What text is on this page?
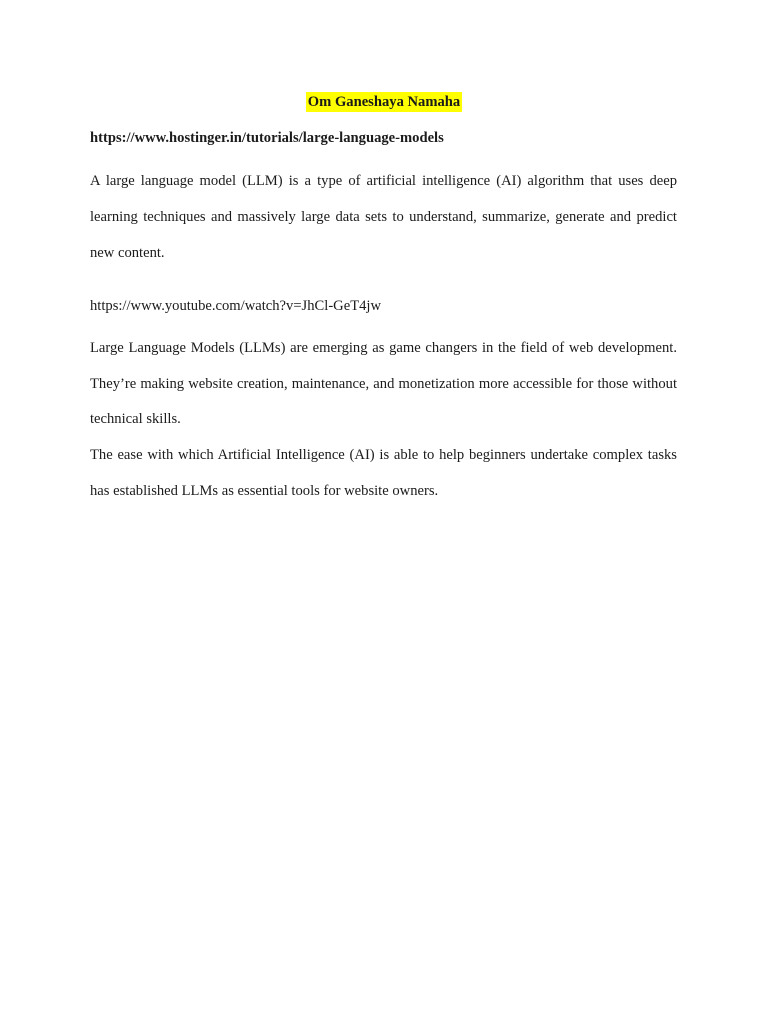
Om Ganeshaya Namaha
https://www.hostinger.in/tutorials/large-language-models

A large language model (LLM) is a type of artificial intelligence (AI) algorithm that uses deep learning techniques and massively large data sets to understand, summarize, generate and predict new content.

https://www.youtube.com/watch?v=JhCl-GeT4jw

Large Language Models (LLMs) are emerging as game changers in the field of web development. They’re making website creation, maintenance, and monetization more accessible for those without technical skills.

The ease with which Artificial Intelligence (AI) is able to help beginners undertake complex tasks has established LLMs as essential tools for website owners.
